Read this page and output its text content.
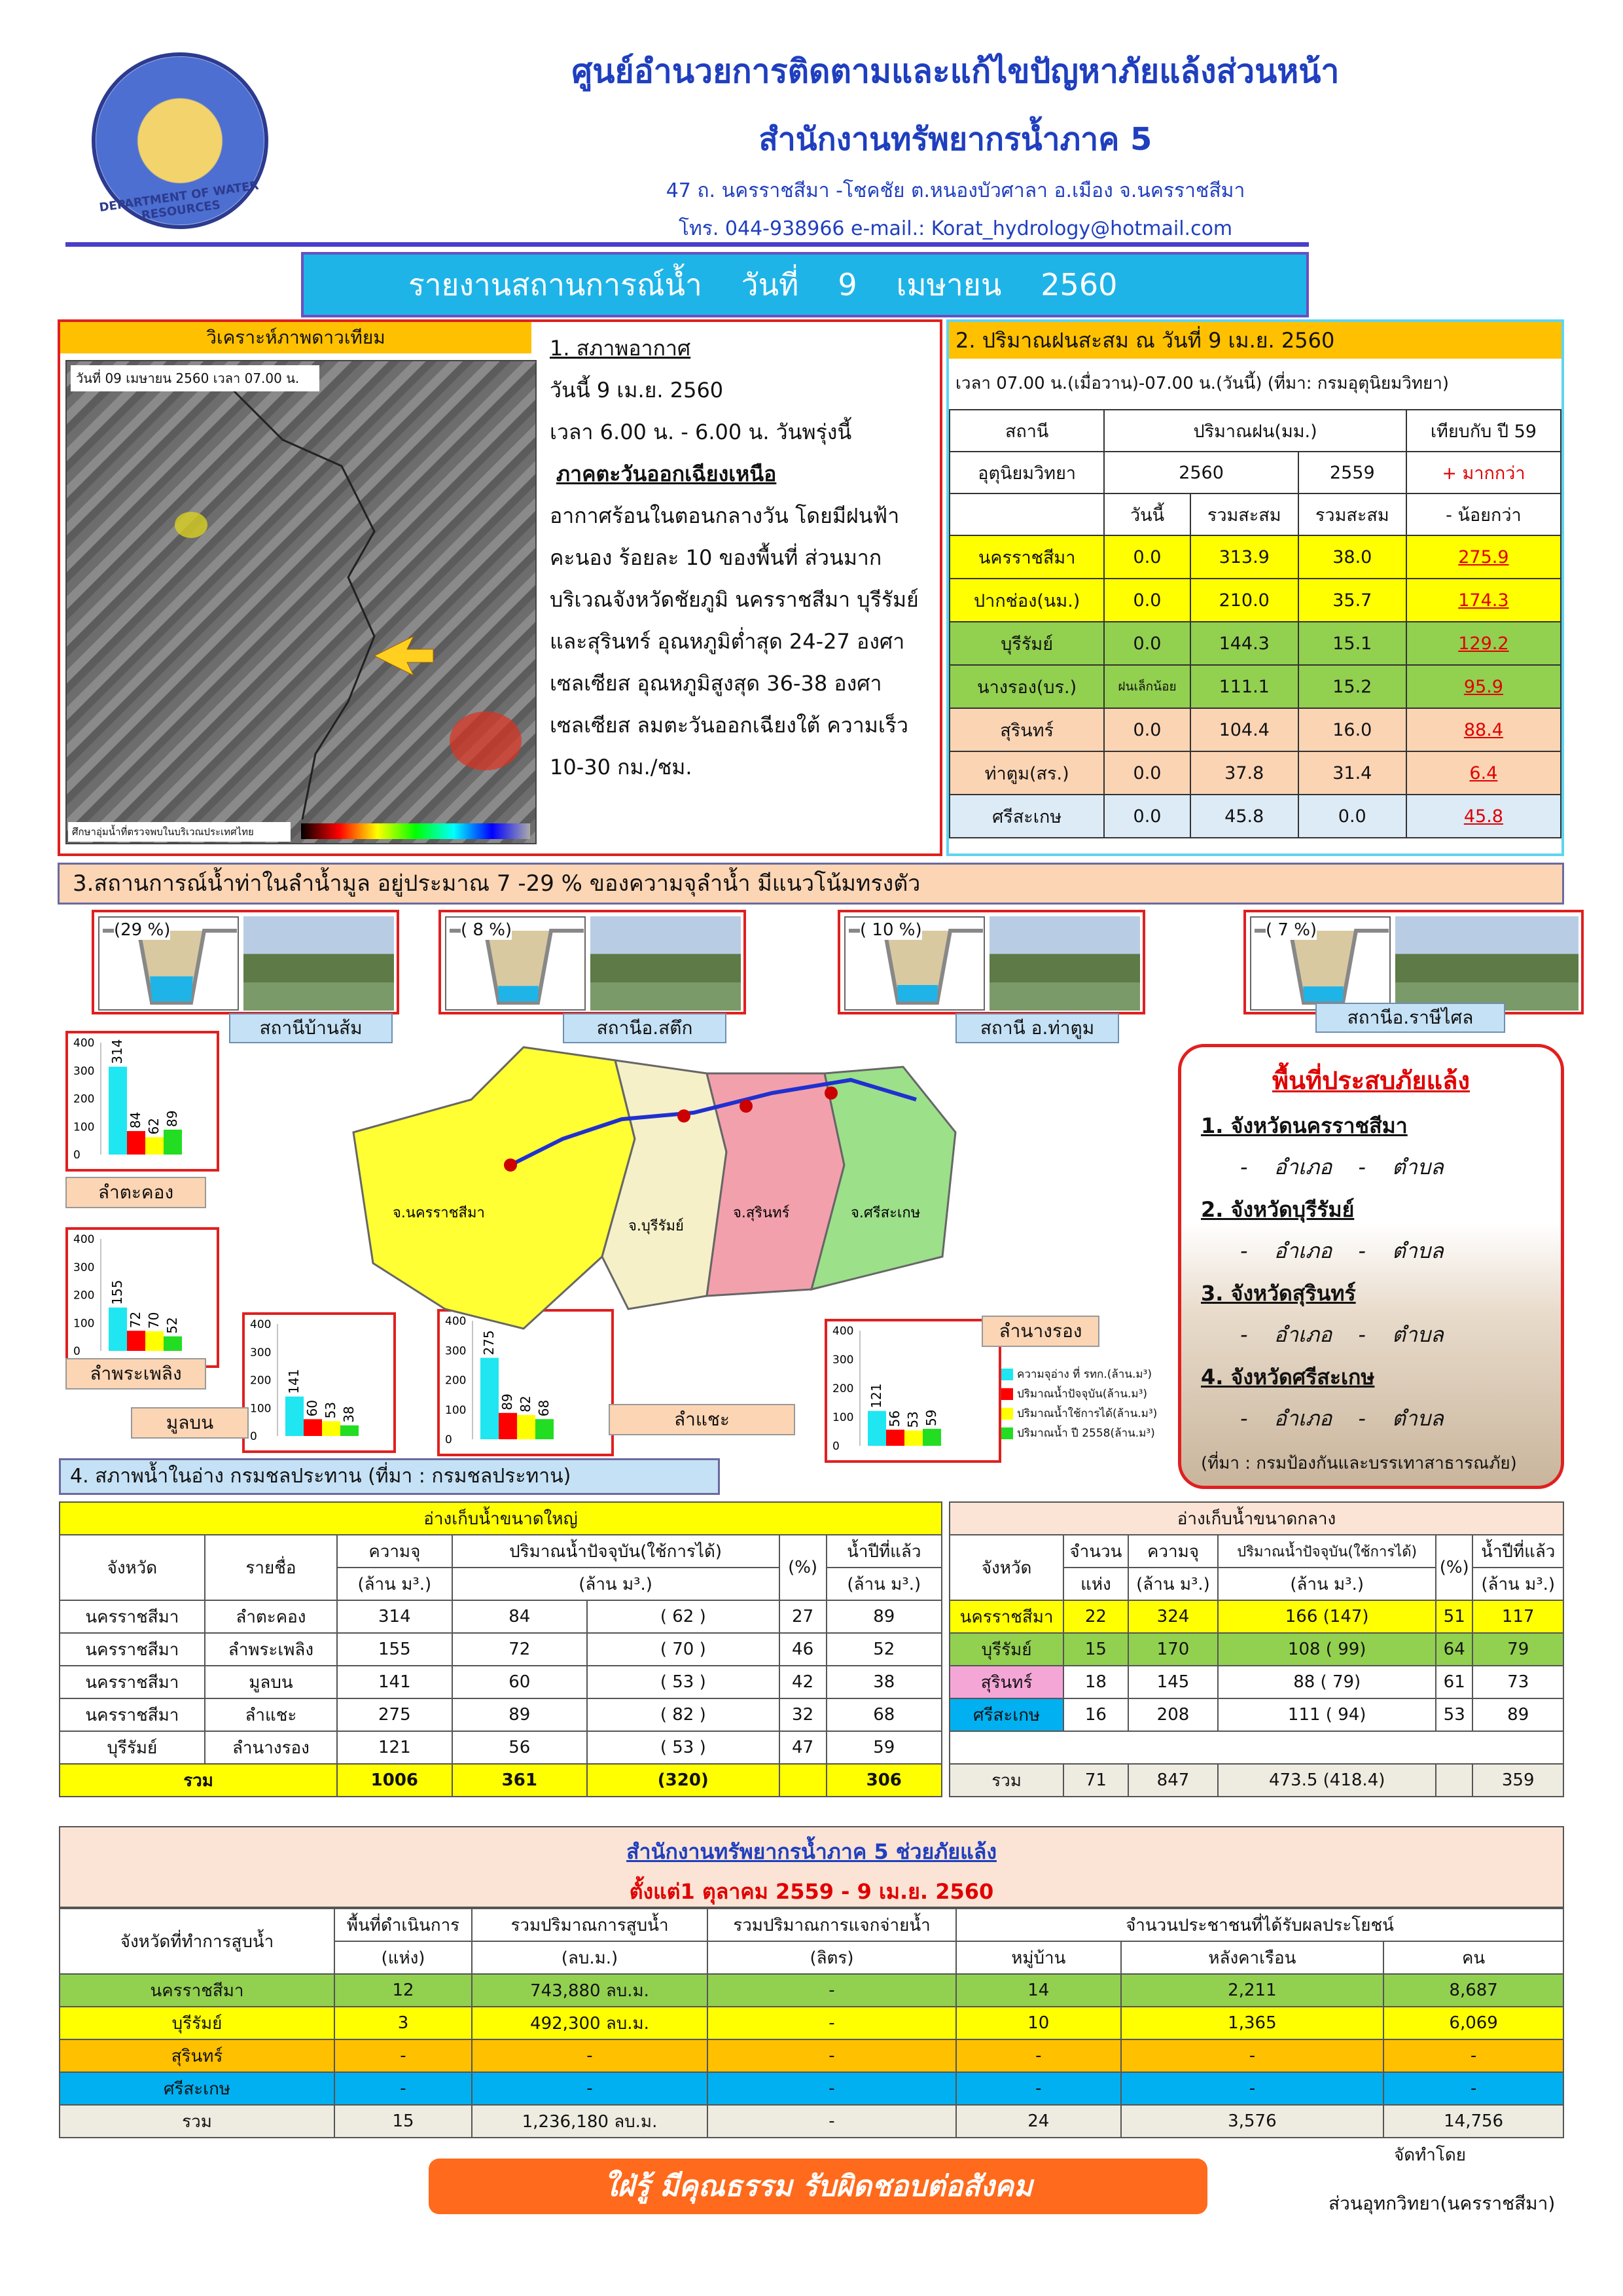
DEPARTMENT OF WATER RESOURCES
ศูนย์อำนวยการติดตามและแก้ไขปัญหาภัยแล้งส่วนหน้า
สำนักงานทรัพยากรน้ำภาค 5
47 ถ. นครราชสีมา -โชคชัย ต.หนองบัวศาลา อ.เมือง จ.นครราชสีมา
โทร. 044-938966 e-mail.: Korat_hydrology@hotmail.com
รายงานสถานการณ์น้ำ วันที่ 9 เมษายน 2560
วิเคราะห์ภาพดาวเทียม
วันที่ 09 เมษายน 2560 เวลา 07.00 น.
ศึกษาอุ่มน้ำที่ตรวจพบในบริเวณประเทศไทย
1. สภาพอากาศ
วันนี้ 9 เม.ย. 2560
เวลา 6.00 น. - 6.00 น. วันพรุ่งนี้
ภาคตะวันออกเฉียงเหนือ
อากาศร้อนในตอนกลางวัน โดยมีฝนฟ้าคะนอง ร้อยละ 10 ของพื้นที่ ส่วนมากบริเวณจังหวัดชัยภูมิ นครราชสีมา บุรีรัมย์ และสุรินทร์ อุณหภูมิต่ำสุด 24-27 องศาเซลเซียส อุณหภูมิสูงสุด 36-38 องศาเซลเซียส ลมตะวันออกเฉียงใต้ ความเร็ว 10-30 กม./ชม.
2. ปริมาณฝนสะสม ณ วันที่ 9 เม.ย. 2560
เวลา 07.00 น.(เมื่อวาน)-07.00 น.(วันนี้) (ที่มา: กรมอุตุนิยมวิทยา)
สถานี	ปริมาณฝน(มม.)			เทียบกับ ปี 59
อุตุนิยมวิทยา	2560		2559	+ มากกว่า
	วันนี้	รวมสะสม	รวมสะสม	- น้อยกว่า
นครราชสีมา	0.0	313.9	38.0	275.9
ปากช่อง(นม.)	0.0	210.0	35.7	174.3
บุรีรัมย์	0.0	144.3	15.1	129.2
นางรอง(บร.)	ฝนเล็กน้อย	111.1	15.2	95.9
สุรินทร์	0.0	104.4	16.0	88.4
ท่าตูม(สร.)	0.0	37.8	31.4	6.4
ศรีสะเกษ	0.0	45.8	0.0	45.8
3.สถานการณ์น้ำท่าในลำน้ำมูล อยู่ประมาณ 7 -29 % ของความจุลำน้ำ มีแนวโน้มทรงตัว
(29 %)
สถานีบ้านส้ม
( 8 %)
สถานีอ.สตึก
( 10 %)
สถานี อ.ท่าตูม
( 7 %)
สถานีอ.ราษีไศล
400
300
200
100
0
314
84 62 89
ลำตะคอง
400
300
200
100
0
155
72 70 52
ลำพระเพลิง
400
300
200
100
0
141
60 53 38
มูลบน
400
300
200
100
0
275
89 82 68
ลำแชะ
400
300
200
100
0
121
56 53 59
ลำนางรอง
ความจุอ่าง ที่ รทก.(ล้าน.ม³)
ปริมาณน้ำปัจจุบัน(ล้าน.ม³)
ปริมาณน้ำใช้การได้(ล้าน.ม³)
ปริมาณน้ำ ปี 2558(ล้าน.ม³)
จ.นครราชสีมา
จ.บุรีรัมย์
จ.สุรินทร์	จ.ศรีสะเกษ
พื้นที่ประสบภัยแล้ง
1. จังหวัดนครราชสีมา
- อำเภอ - ตำบล
2. จังหวัดบุรีรัมย์
- อำเภอ - ตำบล
3. จังหวัดสุรินทร์
- อำเภอ - ตำบล
4. จังหวัดศรีสะเกษ
- อำเภอ - ตำบล
(ที่มา : กรมป้องกันและบรรเทาสาธารณภัย)
4. สภาพน้ำในอ่าง กรมชลประทาน (ที่มา : กรมชลประทาน)
อ่างเก็บน้ำขนาดใหญ่						
จังหวัด	รายชื่อ	ความจุ	ปริมาณน้ำปัจจุบัน(ใช้การได้)		(%)	น้ำปีที่แล้ว
		(ล้าน ม³.)	(ล้าน ม³.)			(ล้าน ม³.)
นครราชสีมา	ลำตะคอง	314	84	( 62 )	27	89
นครราชสีมา	ลำพระเพลิง	155	72	( 70 )	46	52
นครราชสีมา	มูลบน	141	60	( 53 )	42	38
นครราชสีมา	ลำแชะ	275	89	( 82 )	32	68
บุรีรัมย์	ลำนางรอง	121	56	( 53 )	47	59
รวม		1006	361	(320)		306
อ่างเก็บน้ำขนาดกลาง					
จังหวัด	จำนวน	ความจุ	ปริมาณน้ำปัจจุบัน(ใช้การได้)	(%)	น้ำปีที่แล้ว
	แห่ง	(ล้าน ม³.)	(ล้าน ม³.)		(ล้าน ม³.)
นครราชสีมา	22	324	166 (147)	51	117
บุรีรัมย์	15	170	108 ( 99)	64	79
สุรินทร์	18	145	88 ( 79)	61	73
ศรีสะเกษ	16	208	111 ( 94)	53	89

รวม	71	847	473.5 (418.4)		359
สำนักงานทรัพยากรน้ำภาค 5 ช่วยภัยแล้ง
ตั้งแต่1 ตุลาคม 2559 - 9 เม.ย. 2560
จังหวัดที่ทำการสูบน้ำ	พื้นที่ดำเนินการ	รวมปริมาณการสูบน้ำ	รวมปริมาณการแจกจ่ายน้ำ	จำนวนประชาชนที่ได้รับผลประโยชน์		
	(แห่ง)	(ลบ.ม.)	(ลิตร)	หมู่บ้าน	หลังคาเรือน	คน
นครราชสีมา	12	743,880 ลบ.ม.	-	14	2,211	8,687
บุรีรัมย์	3	492,300 ลบ.ม.	-	10	1,365	6,069
สุรินทร์	-	-	-	-	-	-
ศรีสะเกษ	-	-	-	-	-	-
รวม	15	1,236,180 ลบ.ม.	-	24	3,576	14,756
จัดทำโดย
ใฝ่รู้ มีคุณธรรม รับผิดชอบต่อสังคม
ส่วนอุทกวิทยา(นครราชสีมา)
